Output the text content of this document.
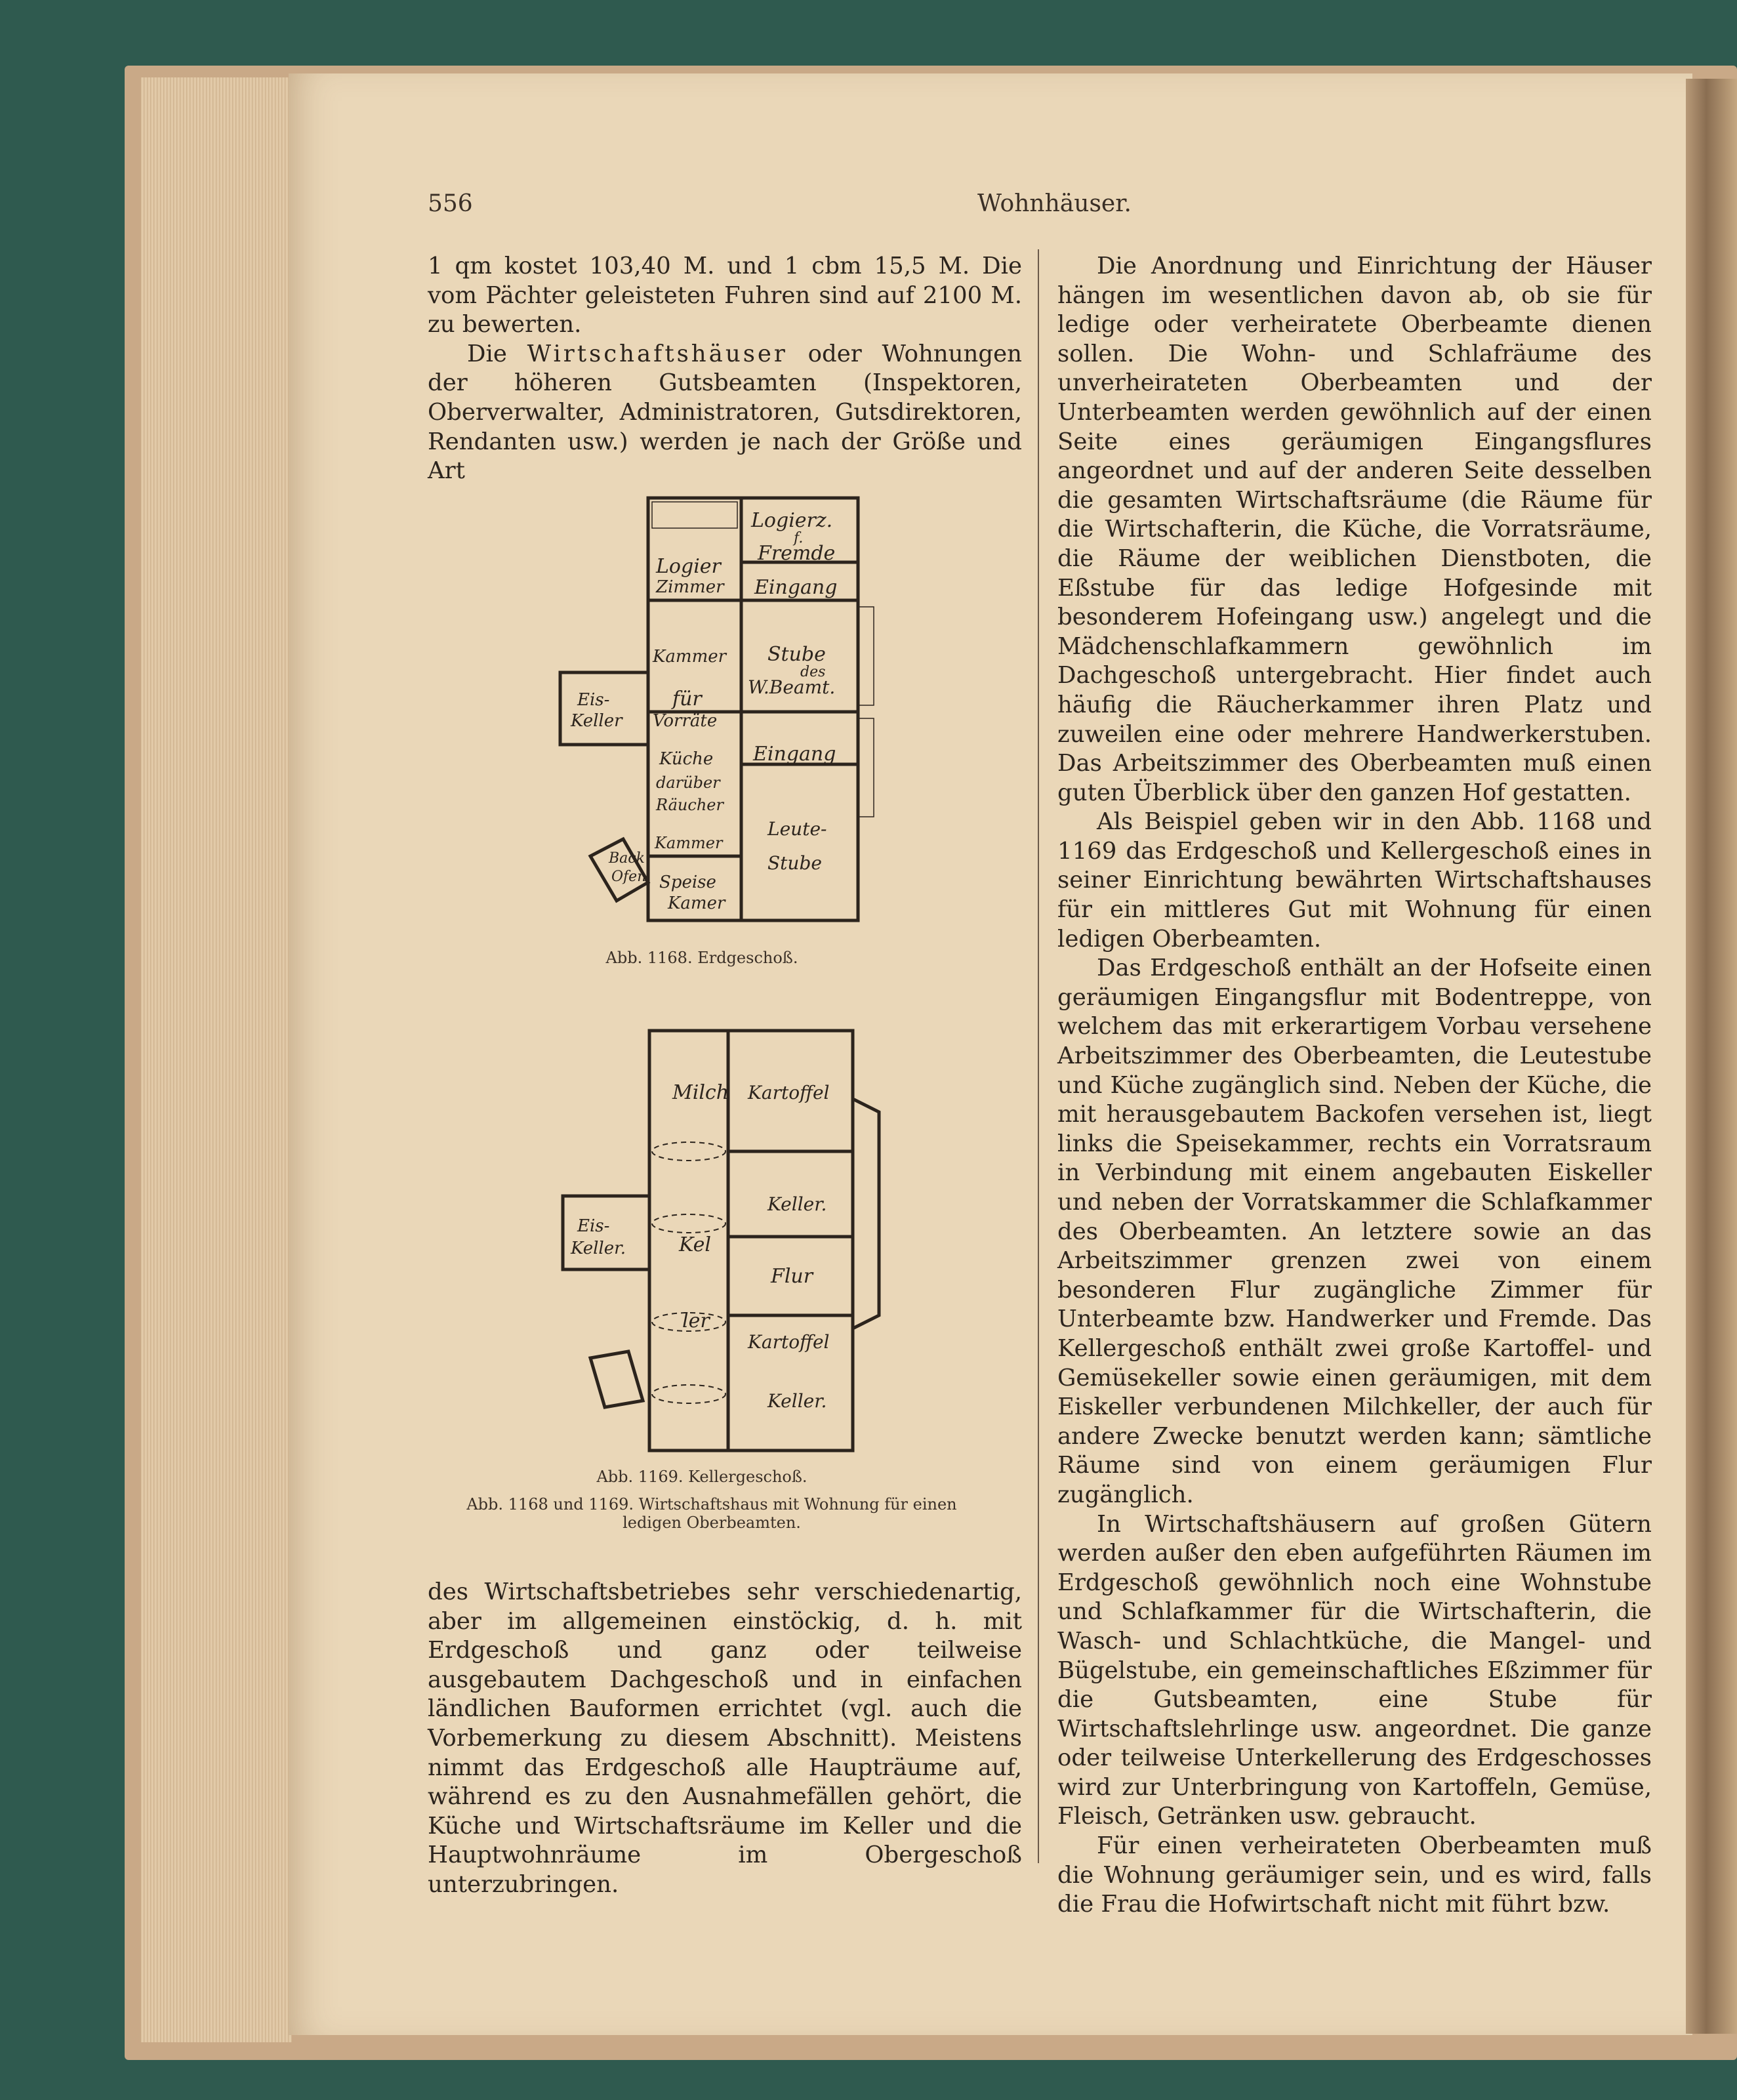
556	Wohnhäuser.

1 qm kostet 103,40 M. und 1 cbm 15,5 M. Die vom Pächter geleisteten Fuhren sind auf 2100 M. zu bewerten.

Die Wirtschaftshäuser oder Wohnungen der höheren Gutsbeamten (Inspektoren, Oberverwalter, Administratoren, Gutsdirektoren, Rendanten usw.) werden je nach der Größe und Art

Logierz.
f.
Fremde
Logier
Zimmer Eingang
Kammer Stube
des
W.Beamt.
Eis-
Keller
für
Vorräte
Küche
darüber
Räucher
Eingang
Leute-
Stube
Kammer
Back
Ofen Speise
Kamer
Abb. 1168. Erdgeschoß.
Milch Kartoffel
Keller.
Eis-
Keller.	Kel
Flur
ler
Kartoffel
Keller.
Abb. 1169. Kellergeschoß.
Abb. 1168 und 1169. Wirtschaftshaus mit Wohnung für einen ledigen Oberbeamten.

des Wirtschaftsbetriebes sehr verschiedenartig, aber im allgemeinen einstöckig, d. h. mit Erdgeschoß und ganz oder teilweise ausgebautem Dachgeschoß und in einfachen ländlichen Bauformen errichtet (vgl. auch die Vorbemerkung zu diesem Abschnitt). Meistens nimmt das Erdgeschoß alle Haupträume auf, während es zu den Ausnahmefällen gehört, die Küche und Wirtschaftsräume im Keller und die Hauptwohnräume im Obergeschoß unterzubringen.

Die Anordnung und Einrichtung der Häuser hängen im wesentlichen davon ab, ob sie für ledige oder verheiratete Oberbeamte dienen sollen. Die Wohn- und Schlafräume des unverheirateten Oberbeamten und der Unterbeamten werden gewöhnlich auf der einen Seite eines geräumigen Eingangsflures angeordnet und auf der anderen Seite desselben die gesamten Wirtschaftsräume (die Räume für die Wirtschafterin, die Küche, die Vorratsräume, die Räume der weiblichen Dienstboten, die Eßstube für das ledige Hofgesinde mit besonderem Hofeingang usw.) angelegt und die Mädchenschlafkammern gewöhnlich im Dachgeschoß untergebracht. Hier findet auch häufig die Räucherkammer ihren Platz und zuweilen eine oder mehrere Handwerkerstuben. Das Arbeitszimmer des Oberbeamten muß einen guten Überblick über den ganzen Hof gestatten.

Als Beispiel geben wir in den Abb. 1168 und 1169 das Erdgeschoß und Kellergeschoß eines in seiner Einrichtung bewährten Wirtschaftshauses für ein mittleres Gut mit Wohnung für einen ledigen Oberbeamten.

Das Erdgeschoß enthält an der Hofseite einen geräumigen Eingangsflur mit Bodentreppe, von welchem das mit erkerartigem Vorbau versehene Arbeitszimmer des Oberbeamten, die Leutestube und Küche zugänglich sind. Neben der Küche, die mit herausgebautem Backofen versehen ist, liegt links die Speisekammer, rechts ein Vorratsraum in Verbindung mit einem angebauten Eiskeller und neben der Vorratskammer die Schlafkammer des Oberbeamten. An letztere sowie an das Arbeitszimmer grenzen zwei von einem besonderen Flur zugängliche Zimmer für Unterbeamte bzw. Handwerker und Fremde. Das Kellergeschoß enthält zwei große Kartoffel- und Gemüsekeller sowie einen geräumigen, mit dem Eiskeller verbundenen Milchkeller, der auch für andere Zwecke benutzt werden kann; sämtliche Räume sind von einem geräumigen Flur zugänglich.

In Wirtschaftshäusern auf großen Gütern werden außer den eben aufgeführten Räumen im Erdgeschoß gewöhnlich noch eine Wohnstube und Schlafkammer für die Wirtschafterin, die Wasch- und Schlachtküche, die Mangel- und Bügelstube, ein gemeinschaftliches Eßzimmer für die Gutsbeamten, eine Stube für Wirtschaftslehrlinge usw. angeordnet. Die ganze oder teilweise Unterkellerung des Erdgeschosses wird zur Unterbringung von Kartoffeln, Gemüse, Fleisch, Getränken usw. gebraucht.

Für einen verheirateten Oberbeamten muß die Wohnung geräumiger sein, und es wird, falls die Frau die Hofwirtschaft nicht mit führt bzw.
